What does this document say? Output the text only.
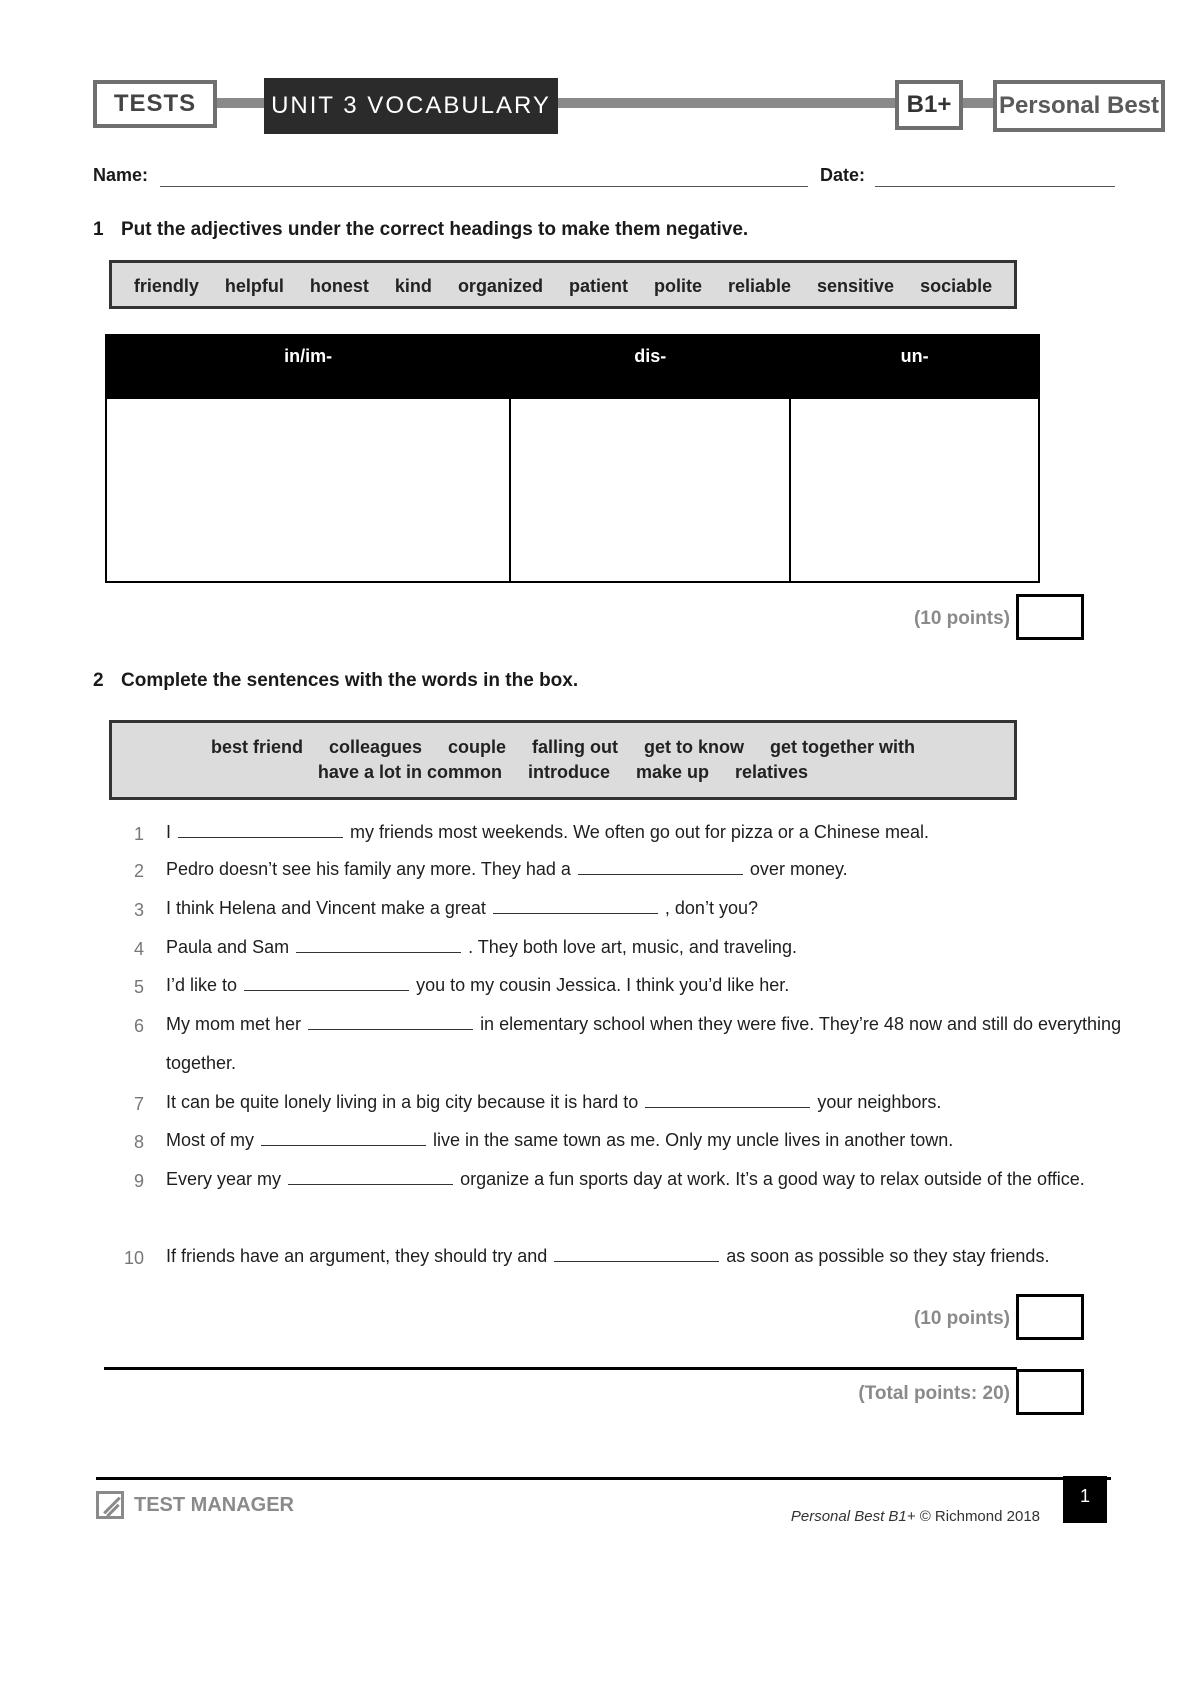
TESTS	UNIT 3 VOCABULARY	B1+	Personal Best
Name:	Date:
1 Put the adjectives under the correct headings to make them negative.
friendly helpful honest kind organized patient polite reliable sensitive sociable
in/im-	dis-	un-

(10 points)
2 Complete the sentences with the words in the box.
best friend colleagues couple falling out get to know get together with
have a lot in common introduce make up relatives
1 I	my friends most weekends. We often go out for pizza or a Chinese meal.
2 Pedro doesn’t see his family any more. They had a	over money.
3 I think Helena and Vincent make a great	, don’t you?
4 Paula and Sam	. They both love art, music, and traveling.
5 I’d like to	you to my cousin Jessica. I think you’d like her.
6 My mom met her	in elementary school when they were five. They’re 48 now and still do everything together.
7 It can be quite lonely living in a big city because it is hard to	your neighbors.
8 Most of my	live in the same town as me. Only my uncle lives in another town.
9 Every year my	organize a fun sports day at work. It’s a good way to relax outside of the office.
10 If friends have an argument, they should try and	as soon as possible so they stay friends.
(10 points)
(Total points: 20)
TEST MANAGER
Personal Best B1+ © Richmond 2018
1
